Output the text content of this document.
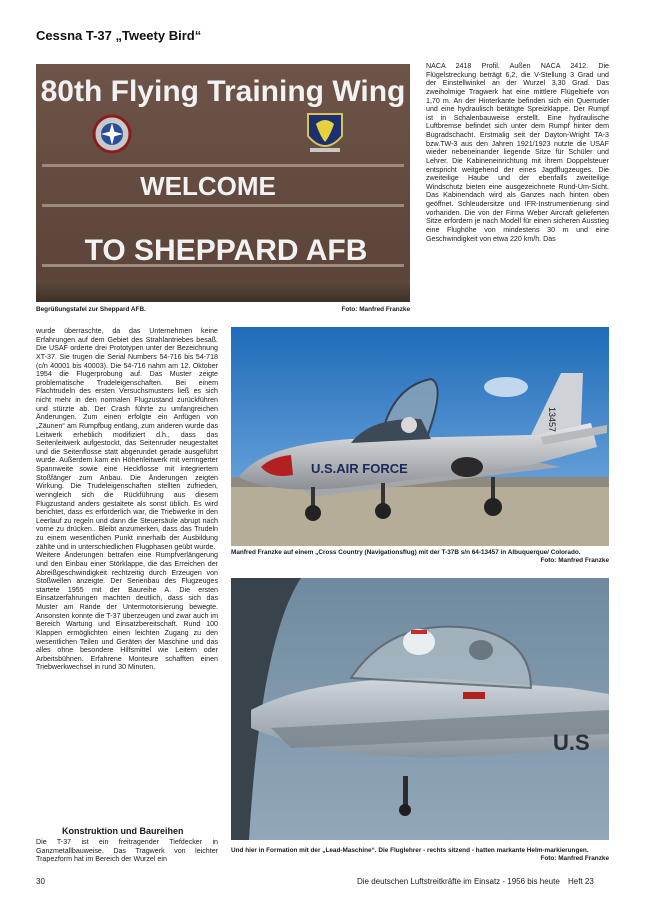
Cessna T-37 „Tweety Bird“
80th Flying Training Wing
WELCOME
TO SHEPPARD AFB
Foto: Manfred Franzke
Begrüßungstafel zur Sheppard AFB.

NACA 2418 Profil. Außen NACA 2412. Die Flügelstreckung beträgt 6,2, die V-Stellung 3 Grad und der Einstellwinkel an der Wurzel 3,30 Grad. Das zweiholmige Tragwerk hat eine mittlere Flügeltiefe von 1,70 m. An der Hinterkante befinden sich ein Querruder und eine hydraulisch betätigte Spreizklappe. Der Rumpf ist in Schalenbauweise erstellt. Eine hydraulische Luftbremse befindet sich unter dem Rumpf hinter dem Bugradschacht. Erstmalig seit der Dayton-Wright TA-3 bzw.TW-3 aus den Jahren 1921/1923 nutzte die USAF wieder nebeneinander liegende Sitze für Schüler und Lehrer. Die Kabineneinrichtung mit ihrem Doppelsteuer entspricht weitgehend der eines Jagdflugzeuges. Die zweiteilige Haube und der ebenfalls zweiteilige Windschutz bieten eine ausgezeichnete Rund-Um-Sicht. Das Kabinendach wird als Ganzes nach hinten oben geöffnet. Schleudersitze und IFR-Instrumentierung sind vorhanden. Die von der Firma Weber Aircraft gelieferten Sitze erfordern je nach Modell für einen sicheren Ausstieg eine Flughöhe von mindestens 30 m und eine Geschwindigkeit von etwa 220 km/h. Das

wurde überraschte, da das Unternehmen keine Erfahrungen auf dem Gebiet des Strahlantriebes besaß. Die USAF orderte drei Prototypen unter der Bezeichnung XT-37. Sie trugen die Serial Numbers 54-716 bis 54-718 (c/n 40001 bis 40003). Die 54-716 nahm am 12. Oktober 1954 die Flugerprobung auf. Das Muster zeigte problematische Trudeleigenschaften. Bei einem Flachtrudeln des ersten Versuchsmusters ließ es sich nicht mehr in den normalen Flugzustand zurückführen und stürzte ab. Der Crash führte zu umfangreichen Änderungen. Zum einen erfolgte ein Anfügen von „Zäunen“ am Rumpfbug entlang, zum anderen wurde das Leitwerk erheblich modifiziert d.h., dass das Seitenleitwerk aufgestockt, das Seitenruder neugestaltet und die Seitenflosse statt abgerundet gerade ausgeführt wurde. Außerdem kam ein Höhenleitwerk mit verringerter Spannweite sowie eine Heckflosse mit integriertem Stoßfänger zum Anbau. Die Änderungen zeigten Wirkung. Die Trudeleigenschaften stellten zufrieden, wenngleich sich die Rückführung aus diesem Flugzustand anders gestaltete als sonst üblich. Es wird berichtet, dass es erforderlich war, die Triebwerke in den Leerlauf zu regeln und dann die Steuersäule abrupt nach vorne zu drücken.. Bleibt anzumerken, dass das Trudeln zu einem wesentlichen Punkt innerhalb der Ausbildung zählte und in unterschiedlichen Flugphasen geübt wurde.

Weitere Änderungen betrafen eine Rumpfverlängerung und den Einbau einer Störklappe, die das Erreichen der Abreißgeschwindigkeit rechtzeitig durch Erzeugen von Stoßwellen anzeigte. Der Serienbau des Flugzeuges startete 1955 mit der Baureihe A. Die ersten Einsatzerfahrungen machten deutlich, dass sich das Muster am Rande der Untermotorisierung bewegte. Ansonsten konnte die T-37 überzeugen und zwar auch im Bereich Wartung und Einsatzbereitschaft. Rund 100 Klappen ermöglichten einen leichten Zugang zu den wesentlichen Teilen und Geräten der Maschine und das alles ohne besondere Hilfsmittel wie Leitern oder Arbeitsbühnen. Erfahrene Monteure schafften einen Triebwerkwechsel in rund 30 Minuten.

Konstruktion und Baureihen

Die T-37 ist ein freitragender Tiefdecker in Ganzmetallbauweise. Das Tragwerk von leichter Trapezform hat im Bereich der Wurzel ein

U.S.AIR FORCE
13457
Manfred Franzke auf einem „Cross Country (Navigationsflug) mit der T-37B s/n 64-13457 in Albuquerque/ Colorado.
Foto: Manfred Franzke
U.S
Und hier in Formation mit der „Lead-Maschine“. Die Fluglehrer - rechts sitzend - hatten markante Helm-markierungen.
Foto: Manfred Franzke
30	Die deutschen Luftstreitkräfte im Einsatz - 1956 bis heute Heft 23
